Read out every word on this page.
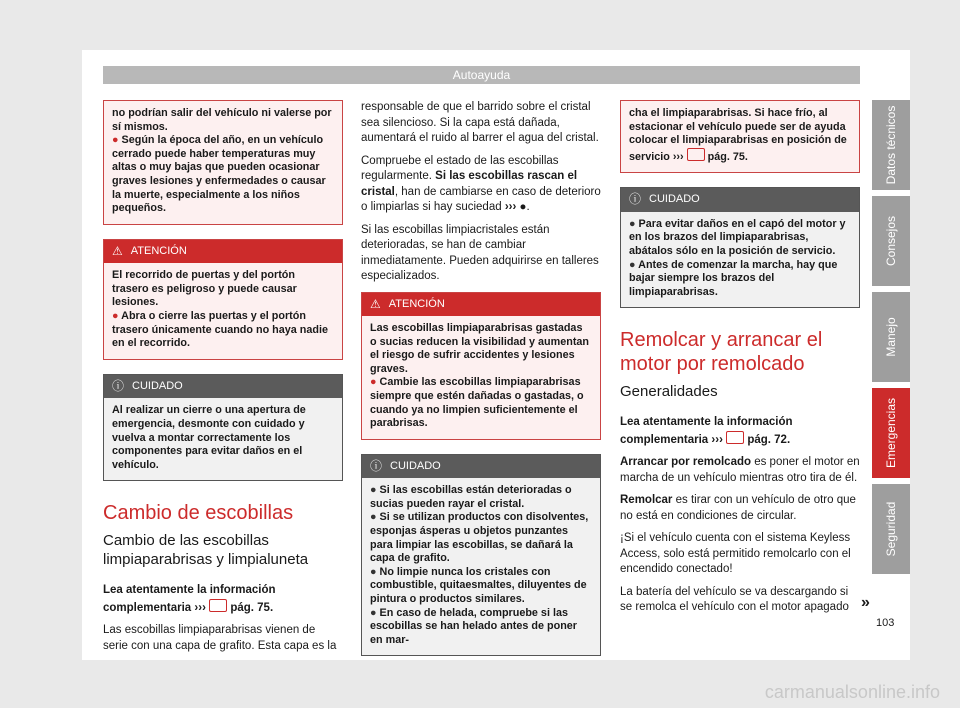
Autoayuda

no podrían salir del vehículo ni valerse por sí mismos.

● Según la época del año, en un vehículo cerrado puede haber temperaturas muy altas o muy bajas que pueden ocasionar graves lesiones y enfermedades o causar la muerte, especialmente a los niños pequeños.

⚠ ATENCIÓN

El recorrido de puertas y del portón trasero es peligroso y puede causar lesiones.

● Abra o cierre las puertas y el portón trasero únicamente cuando no haya nadie en el recorrido.

ⓘ CUIDADO

Al realizar un cierre o una apertura de emergencia, desmonte con cuidado y vuelva a montar correctamente los componentes para evitar daños en el vehículo.

Cambio de escobillas
Cambio de las escobillas limpiaparabrisas y limpialuneta

Lea atentamente la información complementaria ››› pág. 75.

Las escobillas limpiaparabrisas vienen de serie con una capa de grafito. Esta capa es la

responsable de que el barrido sobre el cristal sea silencioso. Si la capa está dañada, aumentará el ruido al barrer el agua del cristal.

Compruebe el estado de las escobillas regularmente. Si las escobillas rascan el cristal, han de cambiarse en caso de deterioro o limpiarlas si hay suciedad ››› ●.

Si las escobillas limpiacristales están deterioradas, se han de cambiar inmediatamente. Pueden adquirirse en talleres especializados.

⚠ ATENCIÓN

Las escobillas limpiaparabrisas gastadas o sucias reducen la visibilidad y aumentan el riesgo de sufrir accidentes y lesiones graves.

● Cambie las escobillas limpiaparabrisas siempre que estén dañadas o gastadas, o cuando ya no limpien suficientemente el parabrisas.

ⓘ CUIDADO

● Si las escobillas están deterioradas o sucias pueden rayar el cristal.

● Si se utilizan productos con disolventes, esponjas ásperas u objetos punzantes para limpiar las escobillas, se dañará la capa de grafito.

● No limpie nunca los cristales con combustible, quitaesmaltes, diluyentes de pintura o productos similares.

● En caso de helada, compruebe si las escobillas se han helado antes de poner en mar-

cha el limpiaparabrisas. Si hace frío, al estacionar el vehículo puede ser de ayuda colocar el limpiaparabrisas en posición de servicio ››› pág. 75.

ⓘ CUIDADO

● Para evitar daños en el capó del motor y en los brazos del limpiaparabrisas, abátalos sólo en la posición de servicio.

● Antes de comenzar la marcha, hay que bajar siempre los brazos del limpiaparabrisas.

Remolcar y arrancar el motor por remolcado
Generalidades

Lea atentamente la información complementaria ››› pág. 72.

Arrancar por remolcado es poner el motor en marcha de un vehículo mientras otro tira de él.

Remolcar es tirar con un vehículo de otro que no está en condiciones de circular.

¡Si el vehículo cuenta con el sistema Keyless Access, solo está permitido remolcarlo con el encendido conectado!

La batería del vehículo se va descargando si se remolca el vehículo con el motor apagado »
Datos técnicos
Consejos
Manejo
Emergencias
Seguridad
103
carmanualsonline.info
